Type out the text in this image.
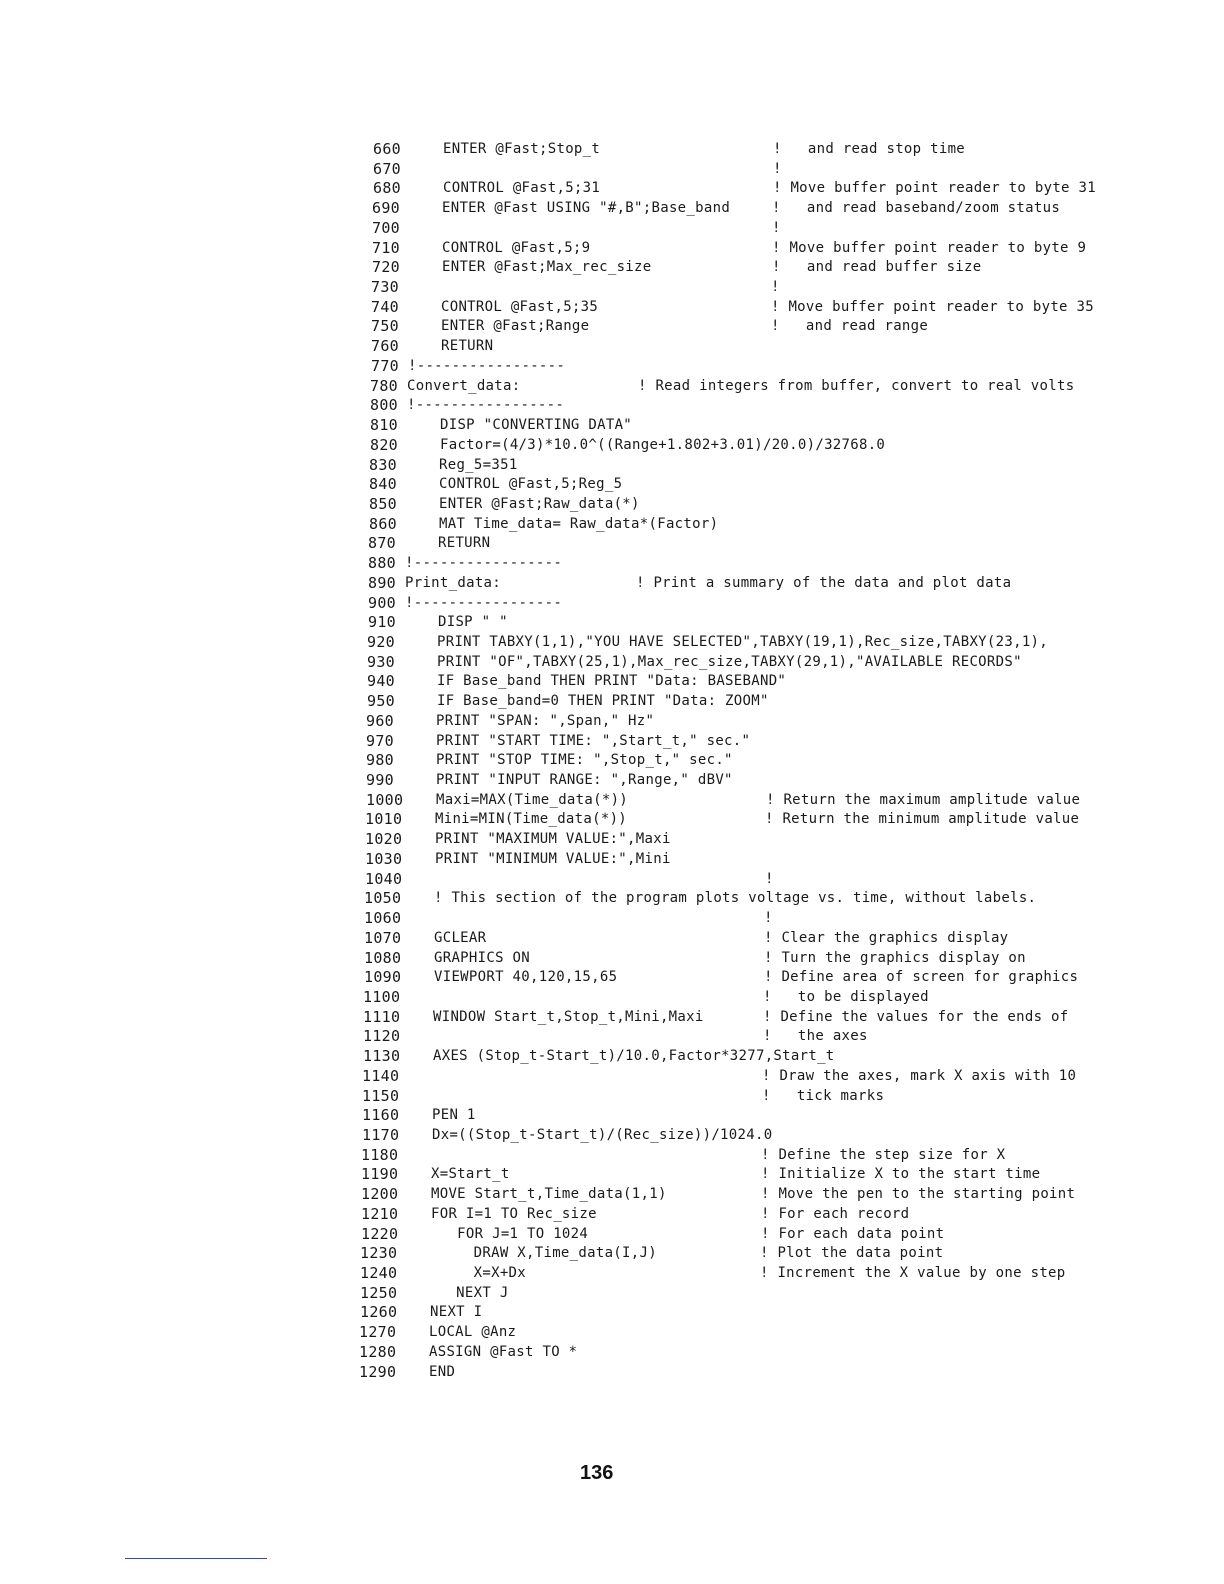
660	ENTER @Fast;Stop_t	!   and read stop time
670	!
680	CONTROL @Fast,5;31	! Move buffer point reader to byte 31
690	ENTER @Fast USING "#,B";Base_band	!   and read baseband/zoom status
700	!
710	CONTROL @Fast,5;9	! Move buffer point reader to byte 9
720	ENTER @Fast;Max_rec_size	!   and read buffer size
730	!
740	CONTROL @Fast,5;35	! Move buffer point reader to byte 35
750	ENTER @Fast;Range	!   and read range
760	RETURN
770 !-----------------
780 Convert_data:	! Read integers from buffer, convert to real volts
800 !-----------------
810	DISP "CONVERTING DATA"
820	Factor=(4/3)*10.0^((Range+1.802+3.01)/20.0)/32768.0
830	Reg_5=351
840	CONTROL @Fast,5;Reg_5
850	ENTER @Fast;Raw_data(*)
860	MAT Time_data= Raw_data*(Factor)
870	RETURN
880 !-----------------
890 Print_data:	! Print a summary of the data and plot data
900 !-----------------
910	DISP " "
920	PRINT TABXY(1,1),"YOU HAVE SELECTED",TABXY(19,1),Rec_size,TABXY(23,1),
930	PRINT "OF",TABXY(25,1),Max_rec_size,TABXY(29,1),"AVAILABLE RECORDS"
940	IF Base_band THEN PRINT "Data: BASEBAND"
950	IF Base_band=0 THEN PRINT "Data: ZOOM"
960	PRINT "SPAN: ",Span," Hz"
970	PRINT "START TIME: ",Start_t," sec."
980	PRINT "STOP TIME: ",Stop_t," sec."
990	PRINT "INPUT RANGE: ",Range," dBV"
1000 Maxi=MAX(Time_data(*))	! Return the maximum amplitude value
1010 Mini=MIN(Time_data(*))	! Return the minimum amplitude value
1020 PRINT "MAXIMUM VALUE:",Maxi
1030 PRINT "MINIMUM VALUE:",Mini
1040	!
1050 ! This section of the program plots voltage vs. time, without labels.
1060	!
1070 GCLEAR	! Clear the graphics display
1080 GRAPHICS ON	! Turn the graphics display on
1090 VIEWPORT 40,120,15,65	! Define area of screen for graphics
1100	!   to be displayed
1110 WINDOW Start_t,Stop_t,Mini,Maxi	! Define the values for the ends of
1120	!   the axes
1130 AXES (Stop_t-Start_t)/10.0,Factor*3277,Start_t
1140	! Draw the axes, mark X axis with 10
1150	!   tick marks
1160 PEN 1
1170 Dx=((Stop_t-Start_t)/(Rec_size))/1024.0
1180	! Define the step size for X
1190 X=Start_t	! Initialize X to the start time
1200 MOVE Start_t,Time_data(1,1)	! Move the pen to the starting point
1210 FOR I=1 TO Rec_size	! For each record
1220 FOR J=1 TO 1024	! For each data point
1230 DRAW X,Time_data(I,J)	! Plot the data point
1240 X=X+Dx	! Increment the X value by one step
1250 NEXT J
1260 NEXT I
1270 LOCAL @Anz
1280 ASSIGN @Fast TO *
1290 END
136
